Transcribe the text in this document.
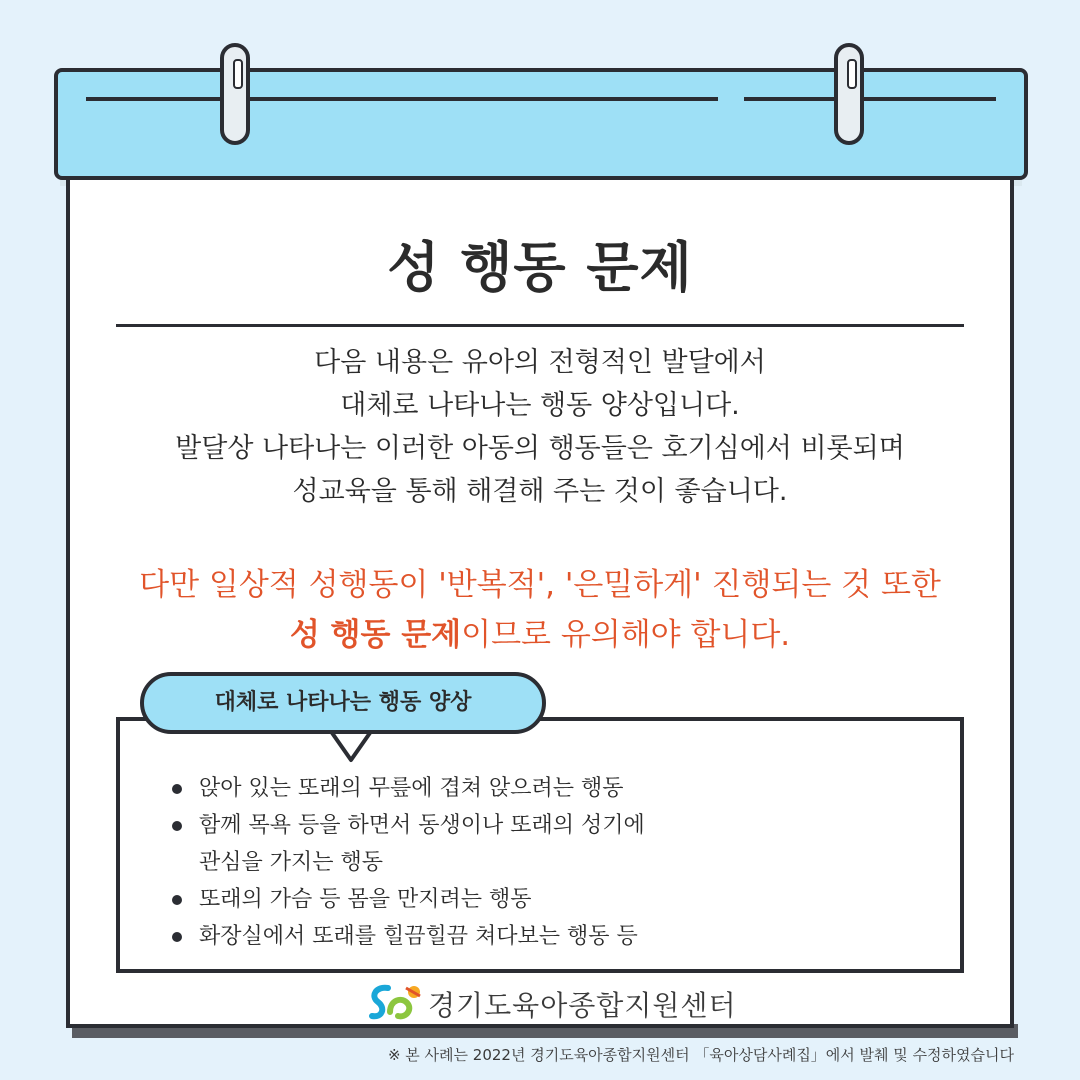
성 행동 문제
다음 내용은 유아의 전형적인 발달에서
대체로 나타나는 행동 양상입니다.
발달상 나타나는 이러한 아동의 행동들은 호기심에서 비롯되며
성교육을 통해 해결해 주는 것이 좋습니다.
다만 일상적 성행동이 '반복적', '은밀하게' 진행되는 것 또한
성 행동 문제이므로 유의해야 합니다.
대체로 나타나는 행동 양상
앉아 있는 또래의 무릎에 겹쳐 앉으려는 행동
함께 목욕 등을 하면서 동생이나 또래의 성기에
관심을 가지는 행동
또래의 가슴 등 몸을 만지려는 행동
화장실에서 또래를 힐끔힐끔 쳐다보는 행동 등
경기도육아종합지원센터
※ 본 사례는 2022년 경기도육아종합지원센터 「육아상담사례집」에서 발췌 및 수정하였습니다
